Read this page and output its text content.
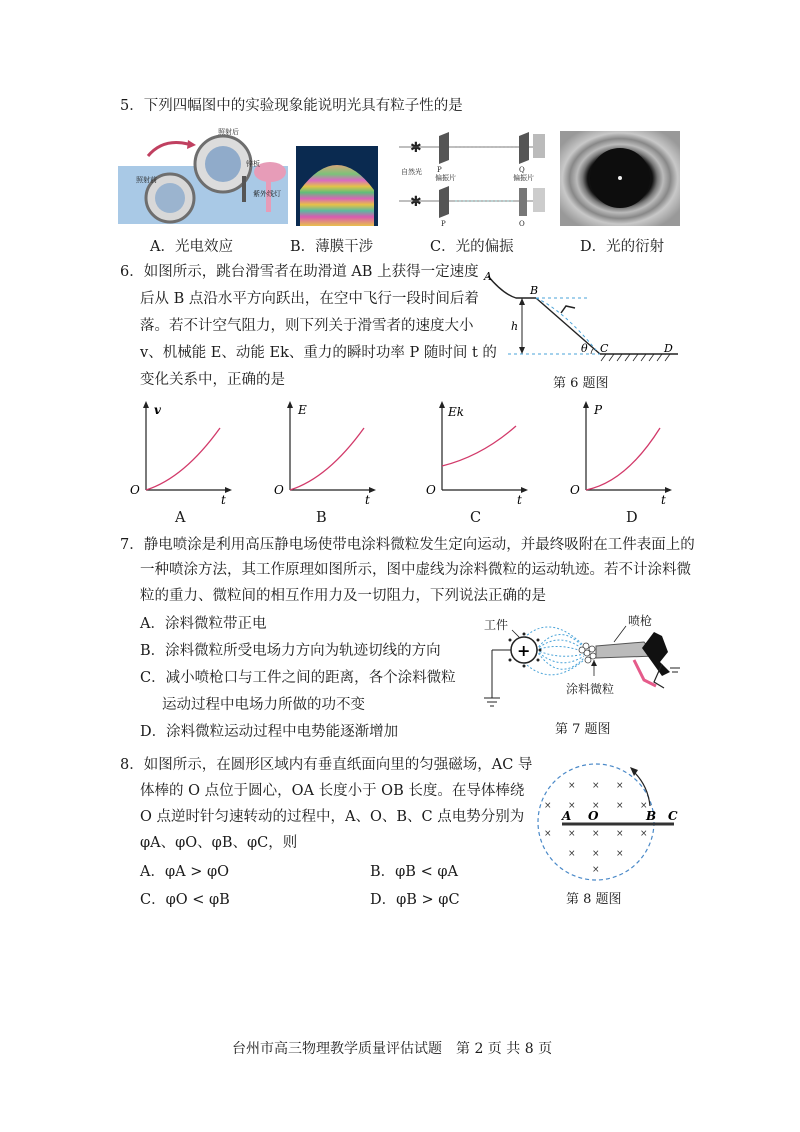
5．下列四幅图中的实验现象能说明光具有粒子性的是
照射前
照射后
锌板
紫外线灯
✱
自然光 P
偏振片
Q
偏振片
✱
P	Q
A．光电效应	B．薄膜干涉	C．光的偏振	D．光的衍射
6．如图所示，跳台滑雪者在助滑道 AB 上获得一定速度
后从 B 点沿水平方向跃出，在空中飞行一段时间后着
落。若不计空气阻力，则下列关于滑雪者的速度大小
v、机械能 E、动能 Ek、重力的瞬时功率 P 随时间 t 的
变化关系中，正确的是
A
B
h
θ C	D
第 6 题图
v
O
t
E
O
t
Ek
O
t
P
O
t
A	B	C	D
7．静电喷涂是利用高压静电场使带电涂料微粒发生定向运动，并最终吸附在工件表面上的
一种喷涂方法，其工作原理如图所示，图中虚线为涂料微粒的运动轨迹。若不计涂料微
粒的重力、微粒间的相互作用力及一切阻力，下列说法正确的是
A．涂料微粒带正电
B．涂料微粒所受电场力方向为轨迹切线的方向
C．减小喷枪口与工件之间的距离，各个涂料微粒
运动过程中电场力所做的功不变
D．涂料微粒运动过程中电势能逐渐增加
+
工件	喷枪
涂料微粒
第 7 题图
8．如图所示，在圆形区域内有垂直纸面向里的匀强磁场，AC 导
体棒的 O 点位于圆心，OA 长度小于 OB 长度。在导体棒绕
O 点逆时针匀速转动的过程中，A、O、B、C 点电势分别为
φA、φO、φB、φC，则
A．φA > φO	B．φB < φA
C．φO < φB	D．φB > φC
× × ×
× × × × ×
× × × × ×
× × ×
×
A O	B C
第 8 题图
台州市高三物理教学质量评估试题　第 2 页 共 8 页
